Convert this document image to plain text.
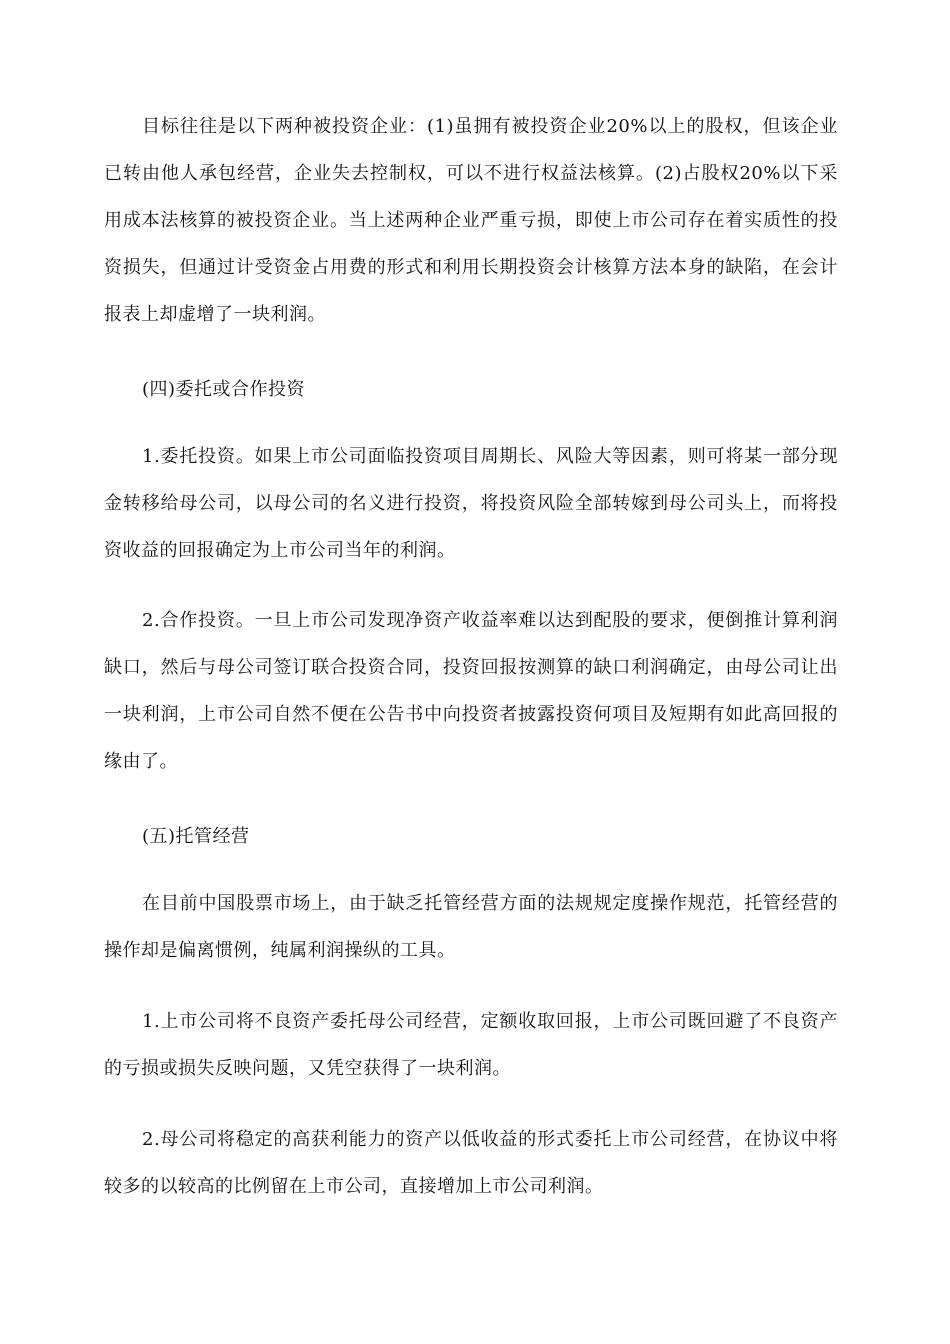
目标往往是以下两种被投资企业：(1)虽拥有被投资企业20%以上的股权，但该企业已转由他人承包经营，企业失去控制权，可以不进行权益法核算。(2)占股权20%以下采用成本法核算的被投资企业。当上述两种企业严重亏损，即使上市公司存在着实质性的投资损失，但通过计受资金占用费的形式和利用长期投资会计核算方法本身的缺陷，在会计报表上却虚增了一块利润。

(四)委托或合作投资

1.委托投资。如果上市公司面临投资项目周期长、风险大等因素，则可将某一部分现金转移给母公司，以母公司的名义进行投资，将投资风险全部转嫁到母公司头上，而将投资收益的回报确定为上市公司当年的利润。

2.合作投资。一旦上市公司发现净资产收益率难以达到配股的要求，便倒推计算利润缺口，然后与母公司签订联合投资合同，投资回报按测算的缺口利润确定，由母公司让出一块利润，上市公司自然不便在公告书中向投资者披露投资何项目及短期有如此高回报的缘由了。

(五)托管经营

在目前中国股票市场上，由于缺乏托管经营方面的法规规定度操作规范，托管经营的操作却是偏离惯例，纯属利润操纵的工具。

1.上市公司将不良资产委托母公司经营，定额收取回报，上市公司既回避了不良资产的亏损或损失反映问题，又凭空获得了一块利润。

2.母公司将稳定的高获利能力的资产以低收益的形式委托上市公司经营，在协议中将较多的以较高的比例留在上市公司，直接增加上市公司利润。
